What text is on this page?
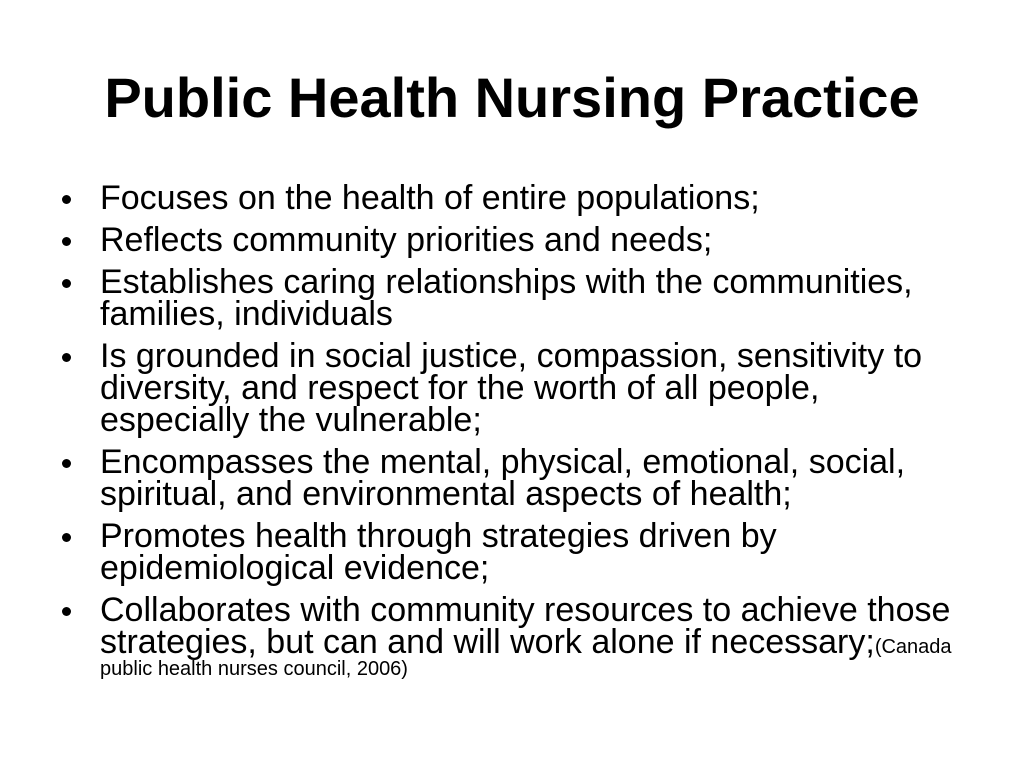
Public Health Nursing Practice
Focuses on the health of entire populations;
Reflects community priorities and needs;
Establishes caring relationships with the communities, families, individuals
Is grounded in social justice, compassion, sensitivity to diversity, and respect for the worth of all people, especially the vulnerable;
Encompasses the mental, physical, emotional, social, spiritual, and environmental aspects of health;
Promotes health through strategies driven by epidemiological evidence;
Collaborates with community resources to achieve those strategies, but can and will work alone if necessary;(Canada public health nurses council, 2006)
